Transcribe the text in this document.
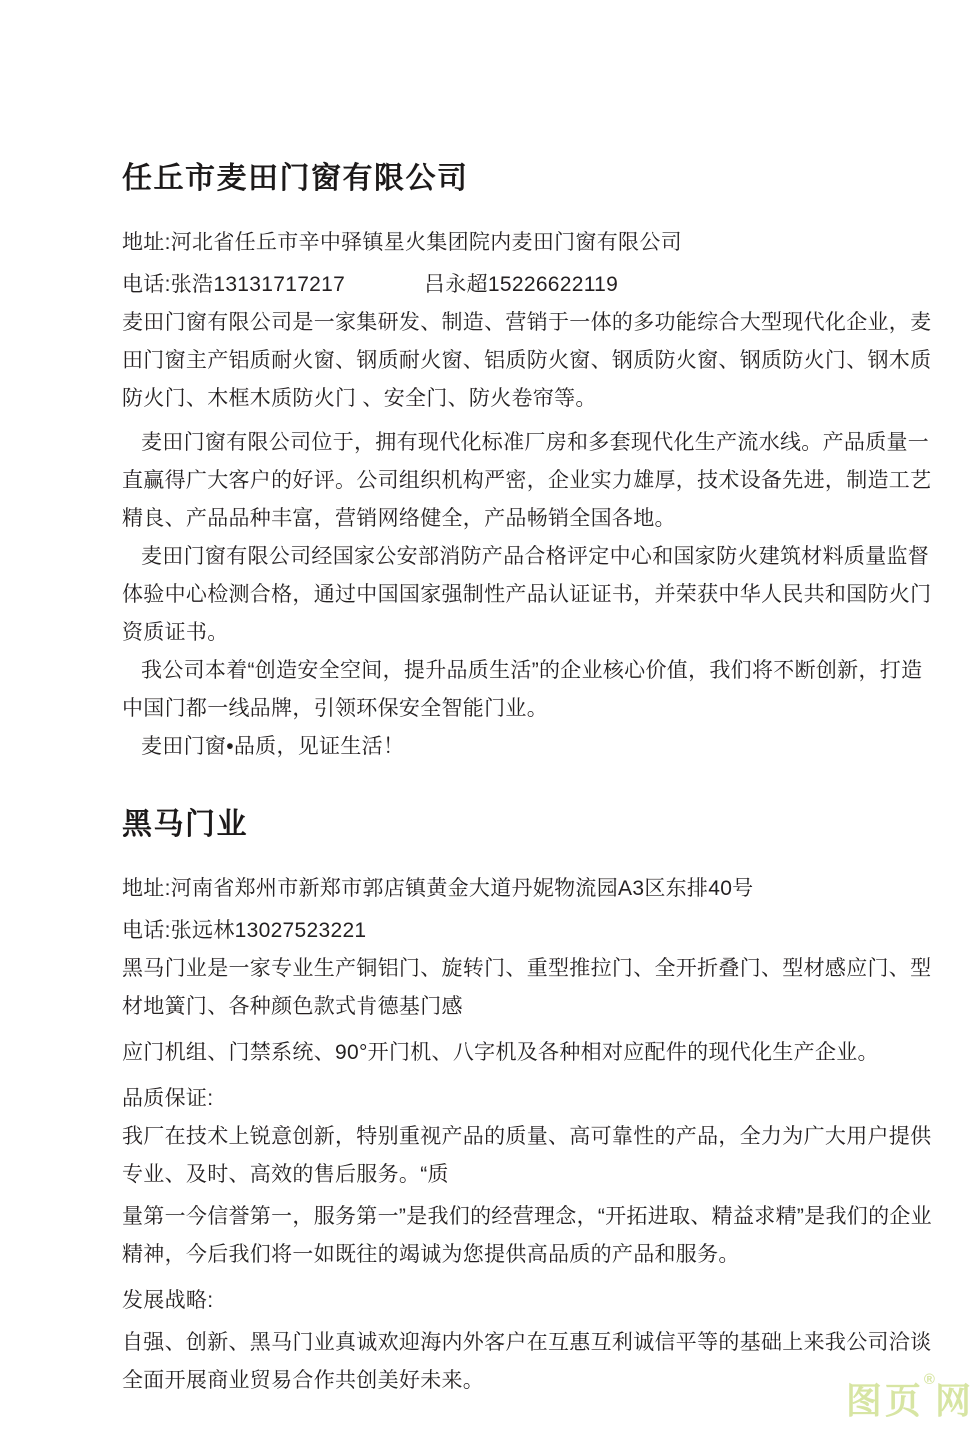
任丘市麦田门窗有限公司

地址:河北省任丘市辛中驿镇星火集团院内麦田门窗有限公司

电话:张浩13131717217	吕永超15226622119

麦田门窗有限公司是一家集研发、制造、营销于一体的多功能综合大型现代化企业，麦田门窗主产铝质耐火窗、钢质耐火窗、铝质防火窗、钢质防火窗、钢质防火门、钢木质防火门、木框木质防火门 、安全门、防火卷帘等。

麦田门窗有限公司位于，拥有现代化标准厂房和多套现代化生产流水线。产品质量一直赢得广大客户的好评。公司组织机构严密，企业实力雄厚，技术设备先进，制造工艺精良、产品品种丰富，营销网络健全，产品畅销全国各地。

麦田门窗有限公司经国家公安部消防产品合格评定中心和国家防火建筑材料质量监督体验中心检测合格，通过中国国家强制性产品认证证书，并荣获中华人民共和国防火门资质证书。

我公司本着“创造安全空间，提升品质生活”的企业核心价值，我们将不断创新，打造中国门都一线品牌，引领环保安全智能门业。

麦田门窗•品质，见证生活！

黑马门业

地址:河南省郑州市新郑市郭店镇黄金大道丹妮物流园A3区东排40号

电话:张远林13027523221

黑马门业是一家专业生产铜铝门、旋转门、重型推拉门、全开折叠门、型材感应门、型材地簧门、各种颜色款式肯德基门感

应门机组、门禁系统、90°开门机、八字机及各种相对应配件的现代化生产企业。

品质保证:

我厂在技术上锐意创新，特别重视产品的质量、高可靠性的产品，全力为广大用户提供专业、及时、高效的售后服务。“质

量第一今信誉第一，服务第一”是我们的经营理念，“开拓进取、精益求精”是我们的企业精神，今后我们将一如既往的竭诚为您提供高品质的产品和服务。

发展战略:

自强、创新、黑马门业真诚欢迎海内外客户在互惠互利诚信平等的基础上来我公司洽谈全面开展商业贸易合作共创美好未来。	图页®网
